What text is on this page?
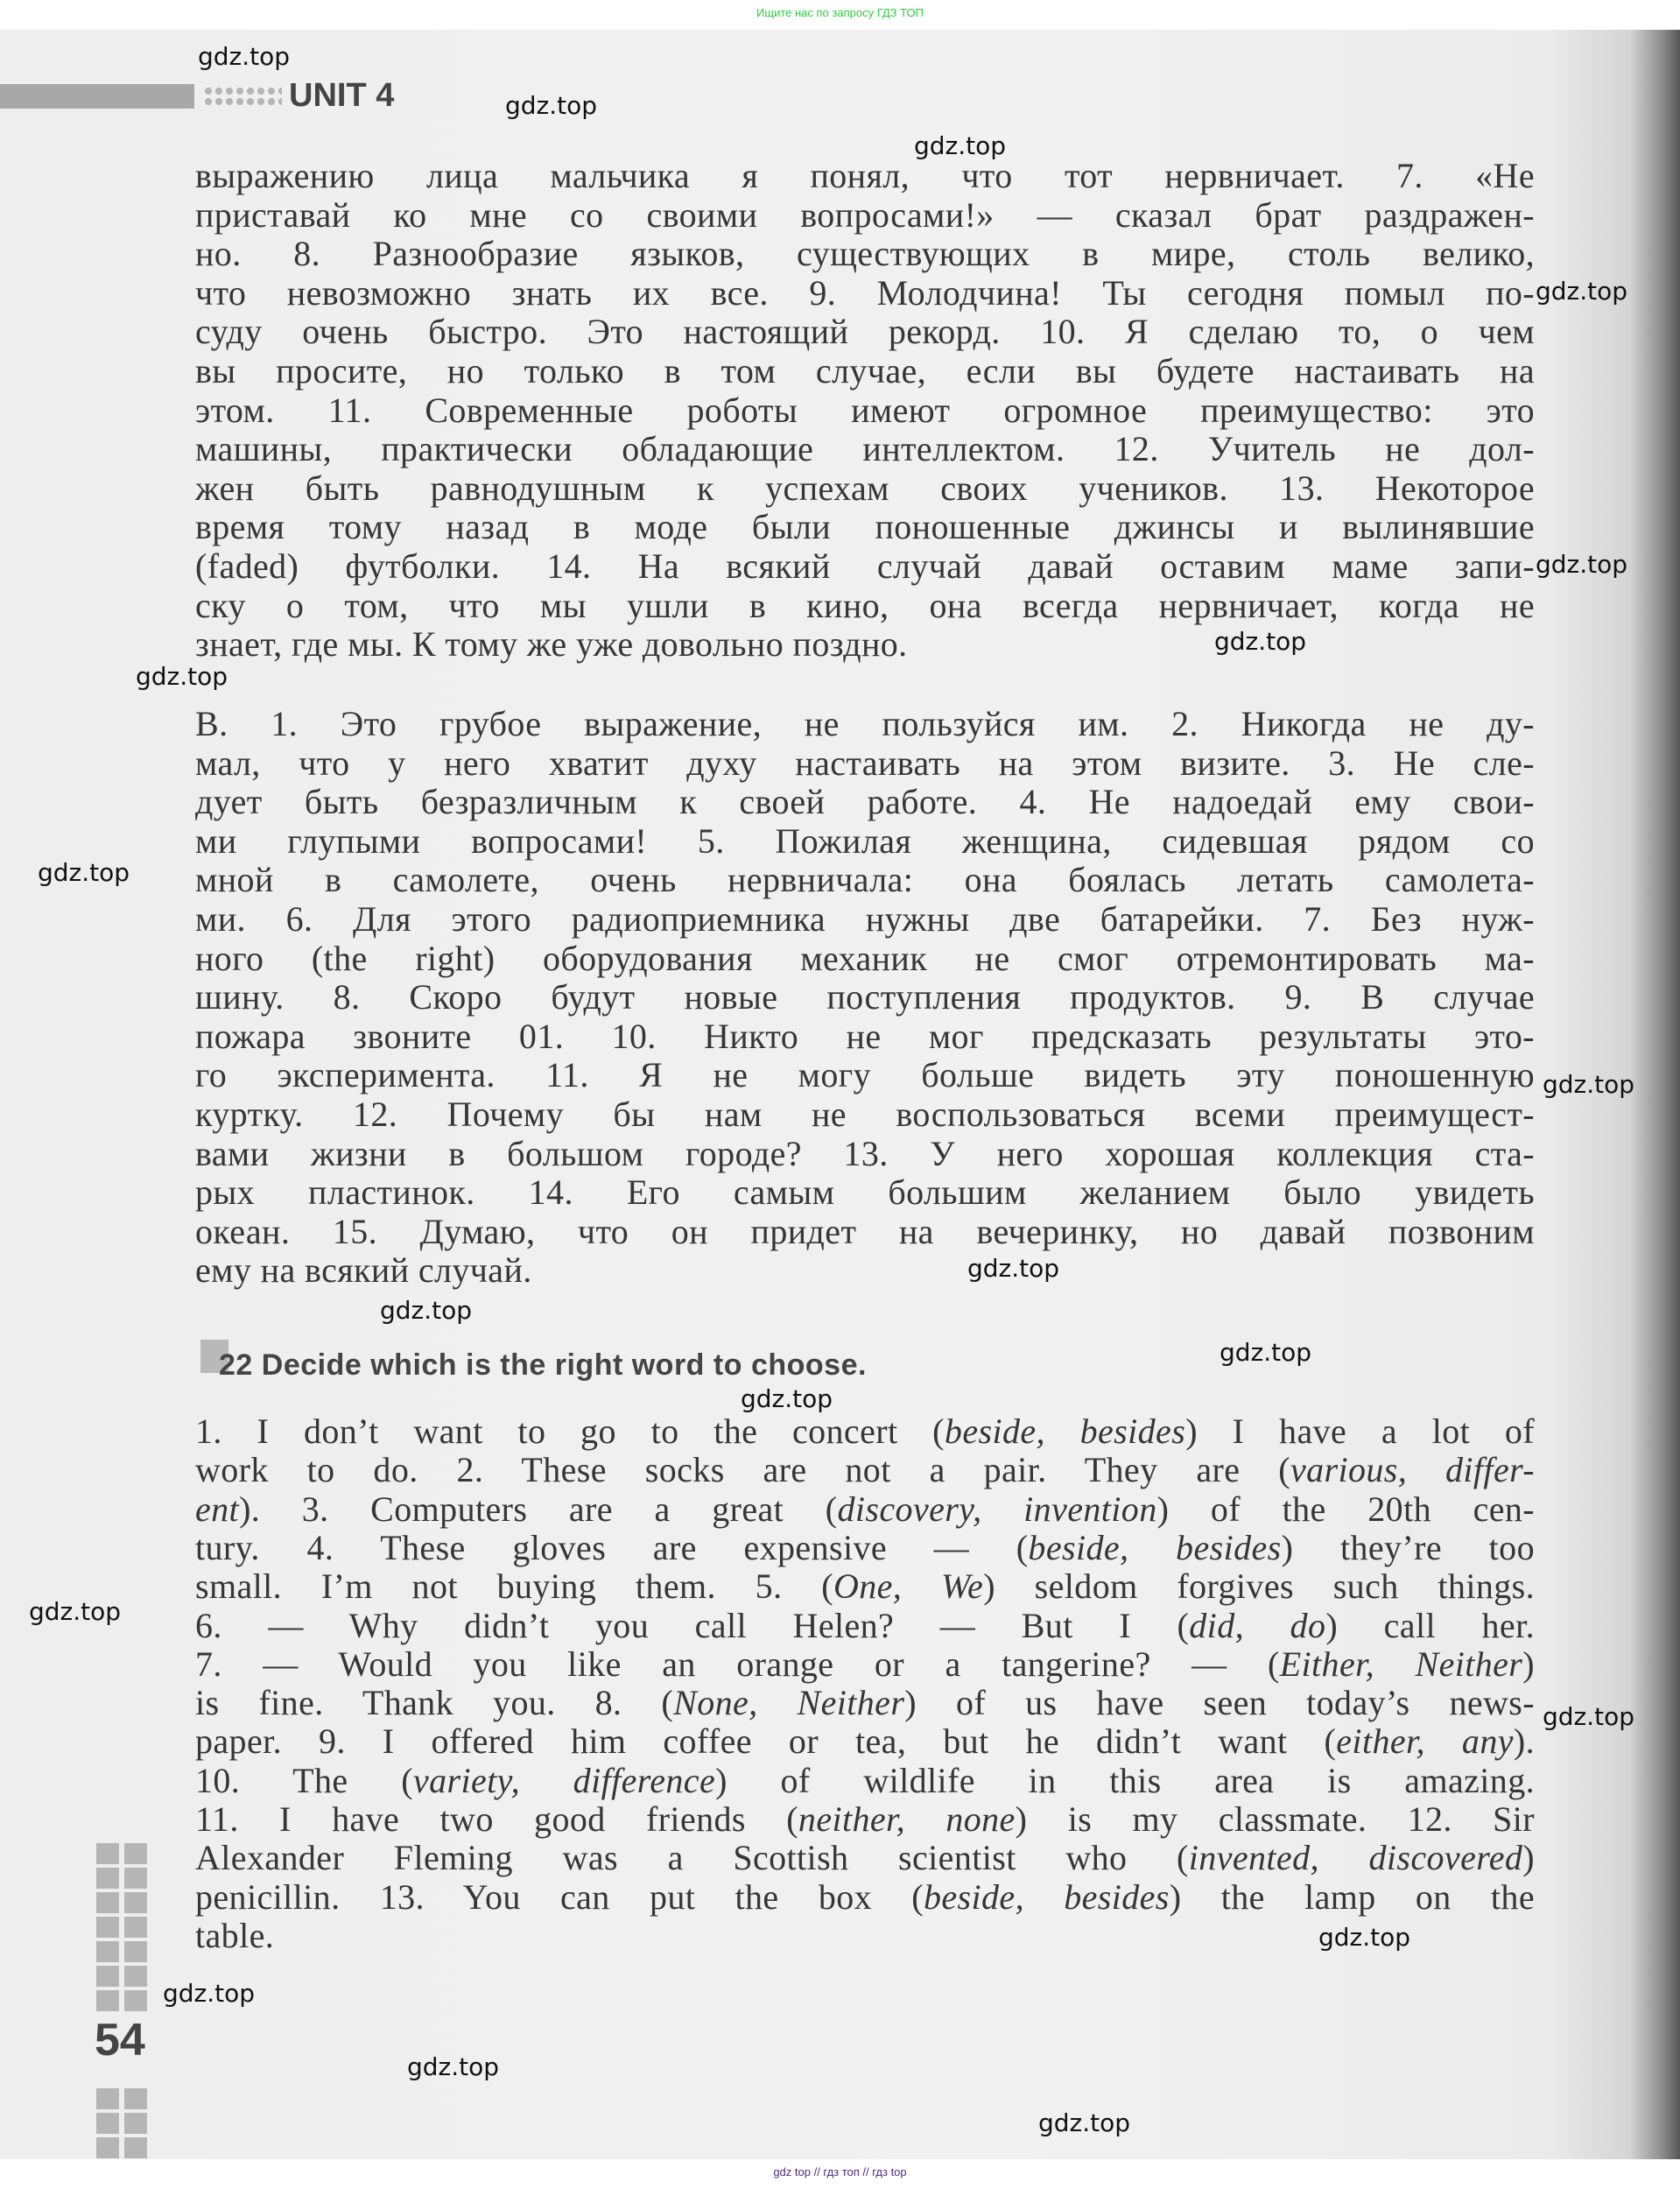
Ищите нас по запросу ГДЗ ТОП
UNIT 4
выражению лица мальчика я понял, что тот нервничает. 7. «Не
приставай ко мне со своими вопросами!» — сказал брат раздражен-
но. 8. Разнообразие языков, существующих в мире, столь велико,
что невозможно знать их все. 9. Молодчина! Ты сегодня помыл по-
суду очень быстро. Это настоящий рекорд. 10. Я сделаю то, о чем
вы просите, но только в том случае, если вы будете настаивать на
этом. 11. Современные роботы имеют огромное преимущество: это
машины, практически обладающие интеллектом. 12. Учитель не дол-
жен быть равнодушным к успехам своих учеников. 13. Некоторое
время тому назад в моде были поношенные джинсы и вылинявшие
(faded) футболки. 14. На всякий случай давай оставим маме запи-
ску о том, что мы ушли в кино, она всегда нервничает, когда не
знает, где мы. К тому же уже довольно поздно.
B. 1. Это грубое выражение, не пользуйся им. 2. Никогда не ду-
мал, что у него хватит духу настаивать на этом визите. 3. Не сле-
дует быть безразличным к своей работе. 4. Не надоедай ему свои-
ми глупыми вопросами! 5. Пожилая женщина, сидевшая рядом со
мной в самолете, очень нервничала: она боялась летать самолета-
ми. 6. Для этого радиоприемника нужны две батарейки. 7. Без нуж-
ного (the right) оборудования механик не смог отремонтировать ма-
шину. 8. Скоро будут новые поступления продуктов. 9. В случае
пожара звоните 01. 10. Никто не мог предсказать результаты это-
го эксперимента. 11. Я не могу больше видеть эту поношенную
куртку. 12. Почему бы нам не воспользоваться всеми преимущест-
вами жизни в большом городе? 13. У него хорошая коллекция ста-
рых пластинок. 14. Его самым большим желанием было увидеть
океан. 15. Думаю, что он придет на вечеринку, но давай позвоним
ему на всякий случай.
22 Decide which is the right word to choose.
1. I don’t want to go to the concert (beside, besides) I have a lot of
work to do. 2. These socks are not a pair. They are (various, differ-
ent). 3. Computers are a great (discovery, invention) of the 20th cen-
tury. 4. These gloves are expensive — (beside, besides) they’re too
small. I’m not buying them. 5. (One, We) seldom forgives such things.
6. — Why didn’t you call Helen? — But I (did, do) call her.
7. — Would you like an orange or a tangerine? — (Either, Neither)
is fine. Thank you. 8. (None, Neither) of us have seen today’s news-
paper. 9. I offered him coffee or tea, but he didn’t want (either, any).
10. The (variety, difference) of wildlife in this area is amazing.
11. I have two good friends (neither, none) is my classmate. 12. Sir
Alexander Fleming was a Scottish scientist who (invented, discovered)
penicillin. 13. You can put the box (beside, besides) the lamp on the
table.
54
gdz.top
gdz.top
gdz.top
gdz.top
gdz.top
gdz.top
gdz.top
gdz.top
gdz.top
gdz.top
gdz.top
gdz.top
gdz.top
gdz.top
gdz.top
gdz.top
gdz.top
gdz.top
gdz.top
gdz top // гдз топ // гдз top
